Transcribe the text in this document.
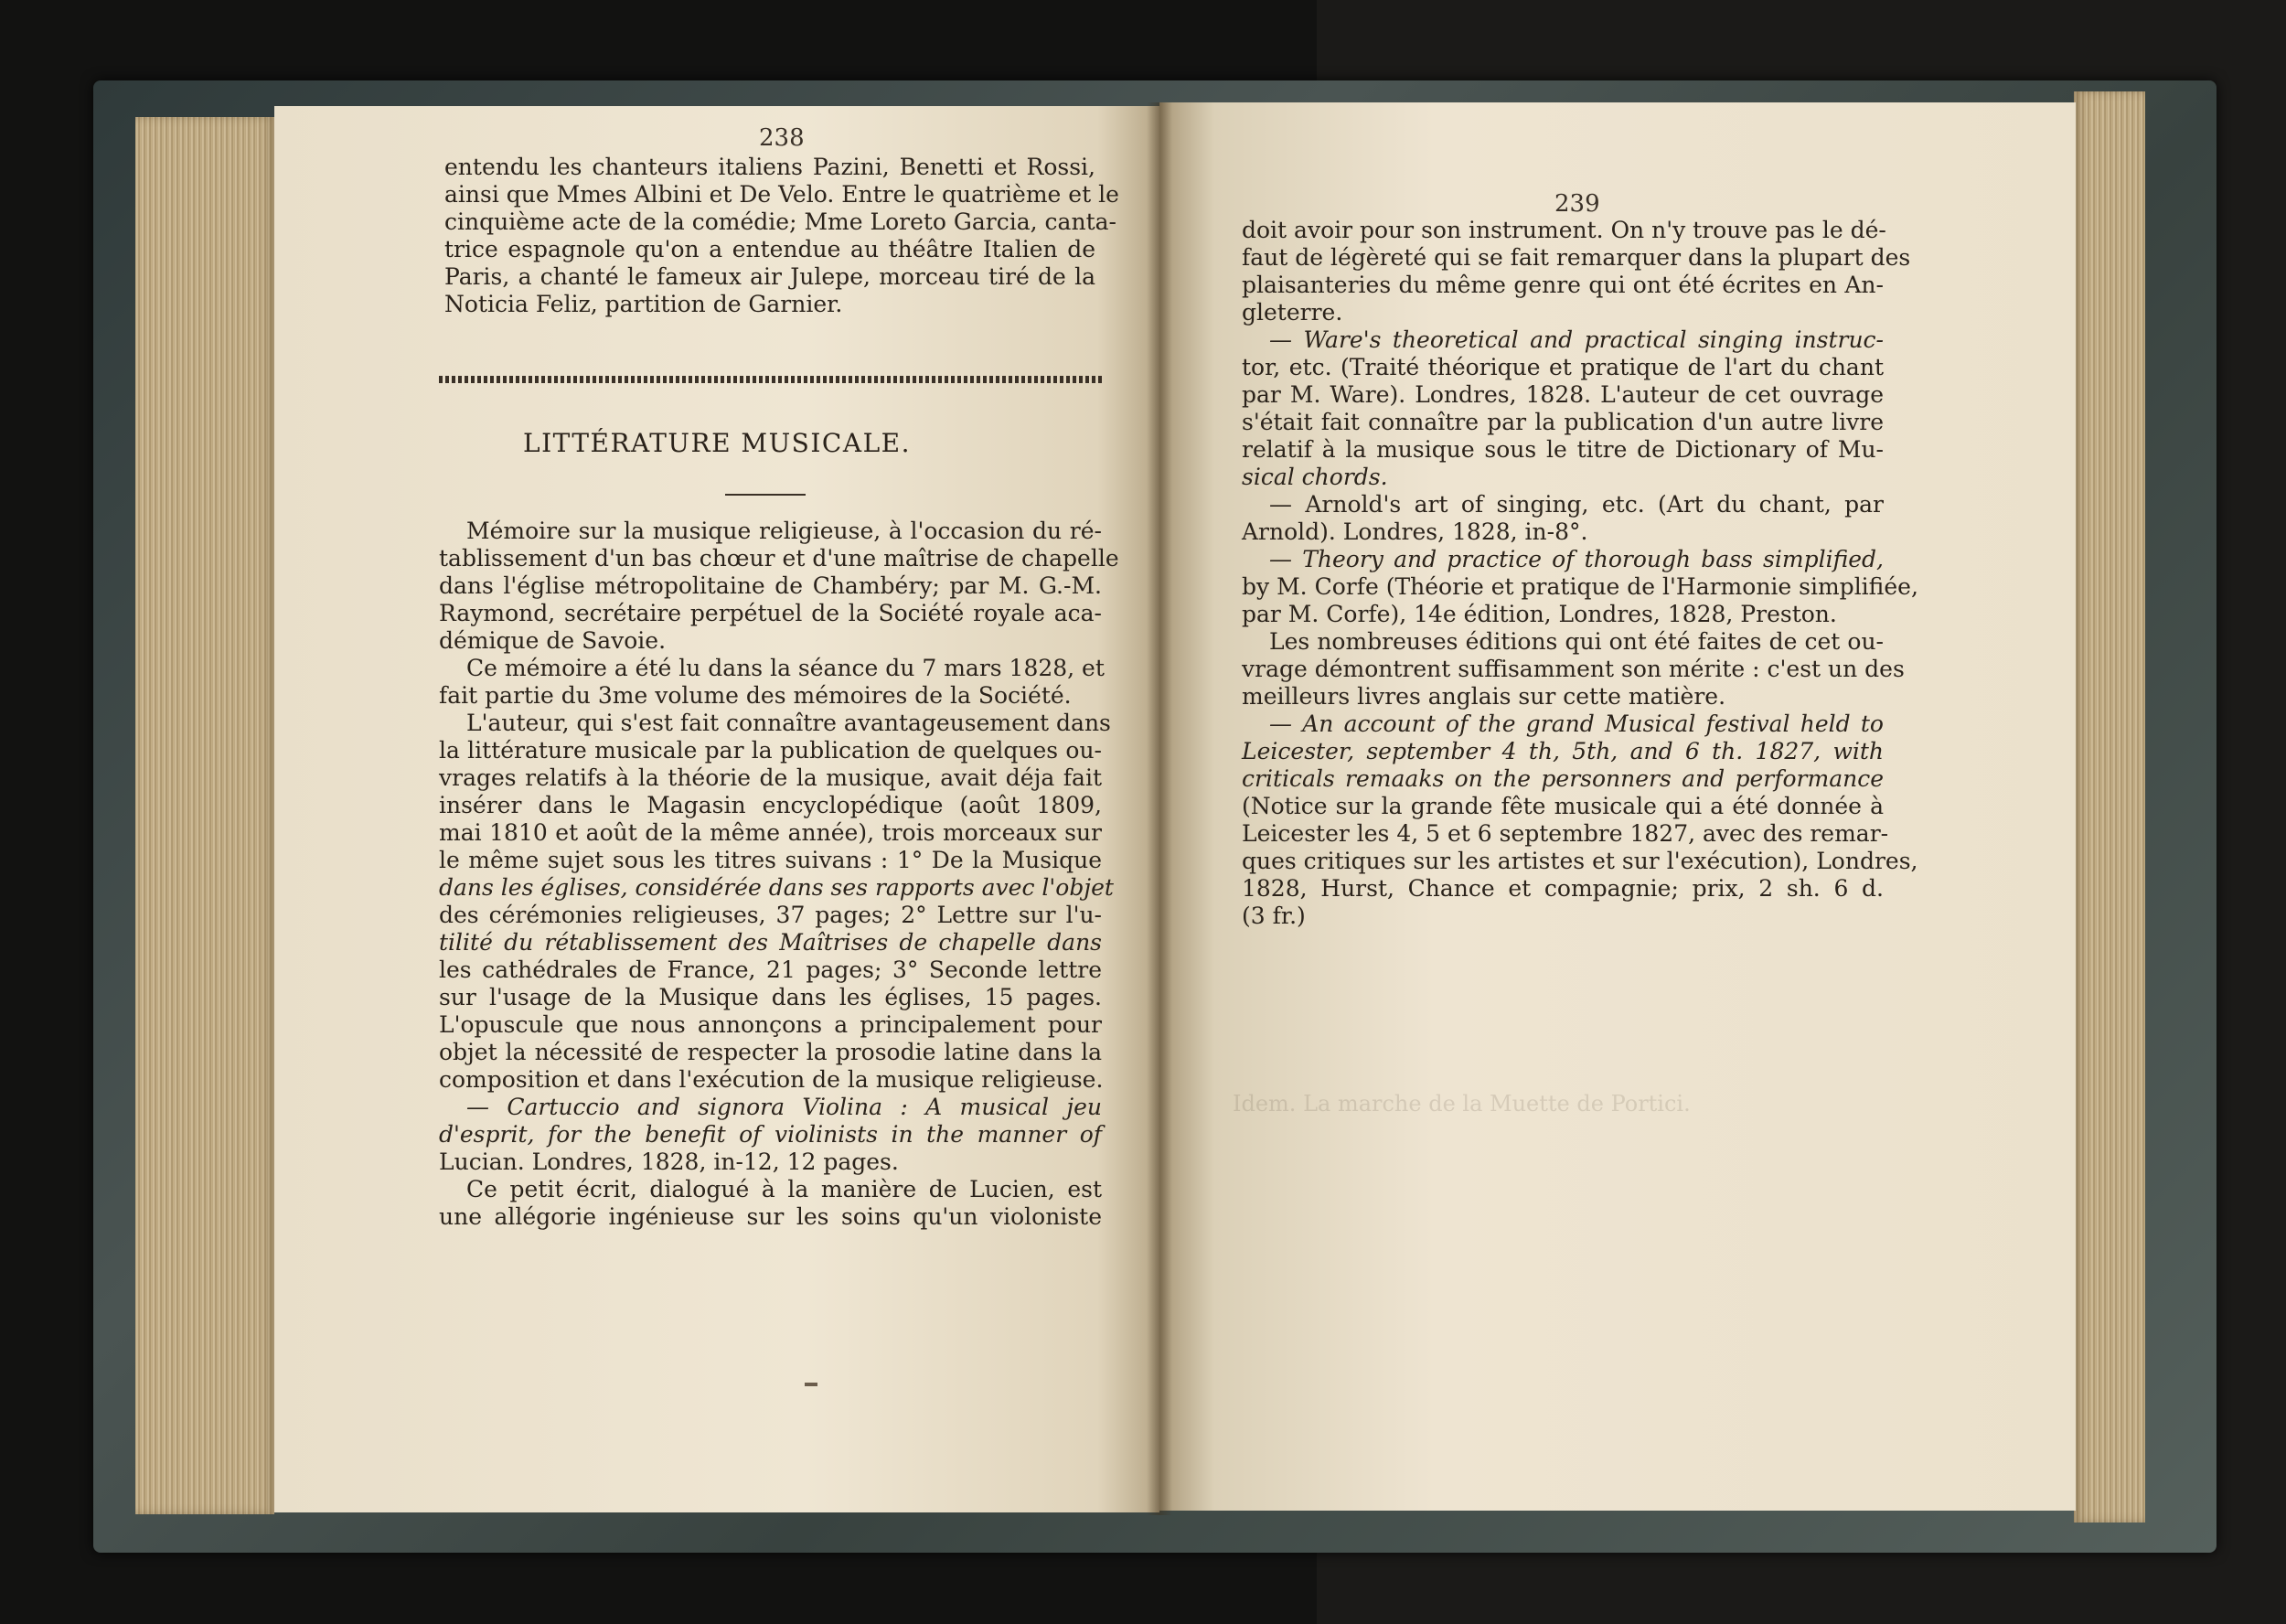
238
entendu les chanteurs italiens Pazini, Benetti et Rossi,
ainsi que Mmes Albini et De Velo. Entre le quatrième et le
cinquième acte de la comédie; Mme Loreto Garcia, canta-
trice espagnole qu'on a entendue au théâtre Italien de
Paris, a chanté le fameux air Julepe, morceau tiré de la
Noticia Feliz, partition de Garnier.
LITTÉRATURE MUSICALE.
Mémoire sur la musique religieuse, à l'occasion du ré-
tablissement d'un bas chœur et d'une maîtrise de chapelle
dans l'église métropolitaine de Chambéry; par M. G.-M.
Raymond, secrétaire perpétuel de la Société royale aca-
démique de Savoie.
Ce mémoire a été lu dans la séance du 7 mars 1828, et
fait partie du 3me volume des mémoires de la Société.
L'auteur, qui s'est fait connaître avantageusement dans
la littérature musicale par la publication de quelques ou-
vrages relatifs à la théorie de la musique, avait déja fait
insérer dans le Magasin encyclopédique (août 1809,
mai 1810 et août de la même année), trois morceaux sur
le même sujet sous les titres suivans : 1° De la Musique
dans les églises, considérée dans ses rapports avec l'objet
des cérémonies religieuses, 37 pages; 2° Lettre sur l'u-
tilité du rétablissement des Maîtrises de chapelle dans
les cathédrales de France, 21 pages; 3° Seconde lettre
sur l'usage de la Musique dans les églises, 15 pages.
L'opuscule que nous annonçons a principalement pour
objet la nécessité de respecter la prosodie latine dans la
composition et dans l'exécution de la musique religieuse.
— Cartuccio and signora Violina : A musical jeu
d'esprit, for the benefit of violinists in the manner of
Lucian. Londres, 1828, in-12, 12 pages.
Ce petit écrit, dialogué à la manière de Lucien, est
une allégorie ingénieuse sur les soins qu'un violoniste
Idem. La marche de la Muette de Portici.
239
doit avoir pour son instrument. On n'y trouve pas le dé-
faut de légèreté qui se fait remarquer dans la plupart des
plaisanteries du même genre qui ont été écrites en An-
gleterre.
— Ware's theoretical and practical singing instruc-
tor, etc. (Traité théorique et pratique de l'art du chant
par M. Ware). Londres, 1828. L'auteur de cet ouvrage
s'était fait connaître par la publication d'un autre livre
relatif à la musique sous le titre de Dictionary of Mu-
sical chords.
— Arnold's art of singing, etc. (Art du chant, par
Arnold). Londres, 1828, in-8°.
— Theory and practice of thorough bass simplified,
by M. Corfe (Théorie et pratique de l'Harmonie simplifiée,
par M. Corfe), 14e édition, Londres, 1828, Preston.
Les nombreuses éditions qui ont été faites de cet ou-
vrage démontrent suffisamment son mérite : c'est un des
meilleurs livres anglais sur cette matière.
— An account of the grand Musical festival held to
Leicester, september 4 th, 5th, and 6 th. 1827, with
criticals remaaks on the personners and performance
(Notice sur la grande fête musicale qui a été donnée à
Leicester les 4, 5 et 6 septembre 1827, avec des remar-
ques critiques sur les artistes et sur l'exécution), Londres,
1828, Hurst, Chance et compagnie; prix, 2 sh. 6 d.
(3 fr.)
